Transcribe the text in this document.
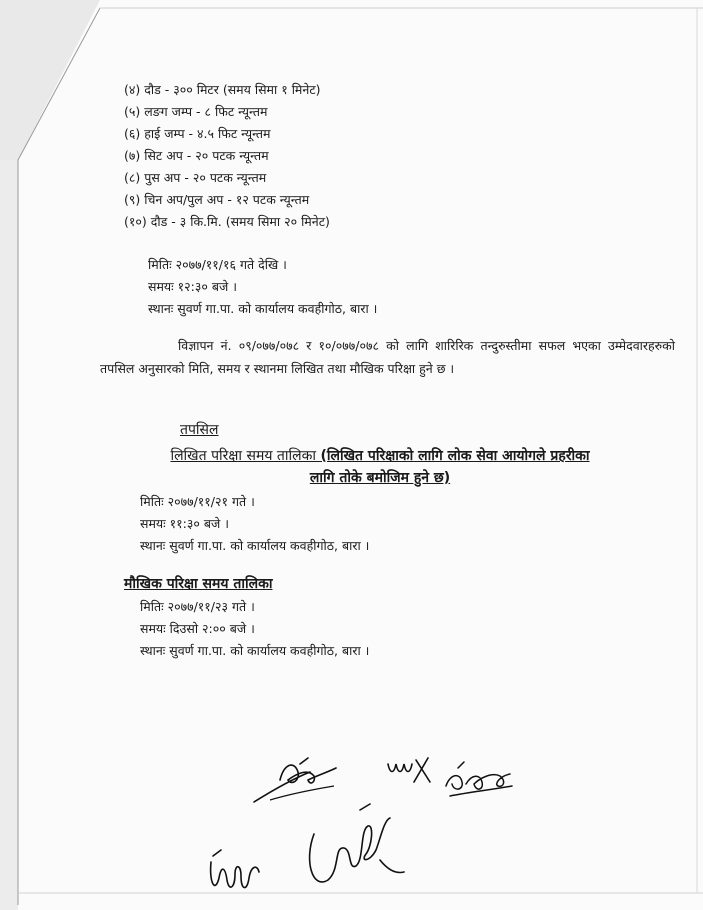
(४) दौड - ३०० मिटर (समय सिमा १ मिनेट)
(५) लङग जम्प - ८ फिट न्यून्तम
(६) हाई जम्प - ४.५ फिट न्यून्तम
(७) सिट अप - २० पटक न्यून्तम
(८) पुस अप - २० पटक न्यून्तम
(९) चिन अप/पुल अप - १२ पटक न्यून्तम
(१०) दौड - ३ कि.मि. (समय सिमा २० मिनेट)
मितिः २०७७/११/१६ गते देखि ।
समयः १२:३० बजे ।
स्थानः सुवर्ण गा.पा. को कार्यालय कवहीगोठ, बारा ।
विज्ञापन नं. ०९/०७७/०७८ र १०/०७७/०७८ को लागि शारिरिक तन्दुरुस्तीमा सफल भएका उम्मेदवारहरुको तपसिल अनुसारको मिति, समय र स्थानमा लिखित तथा मौखिक परिक्षा हुने छ ।
तपसिल
लिखित परिक्षा समय तालिका (लिखित परिक्षाको लागि लोक सेवा आयोगले प्रहरीका
लागि तोके बमोजिम हुने छ)
मितिः २०७७/११/२१ गते ।
समयः ११:३० बजे ।
स्थानः सुवर्ण गा.पा. को कार्यालय कवहीगोठ, बारा ।
मौखिक परिक्षा समय तालिका
मितिः २०७७/११/२३ गते ।
समयः दिउसो २:०० बजे ।
स्थानः सुवर्ण गा.पा. को कार्यालय कवहीगोठ, बारा ।
